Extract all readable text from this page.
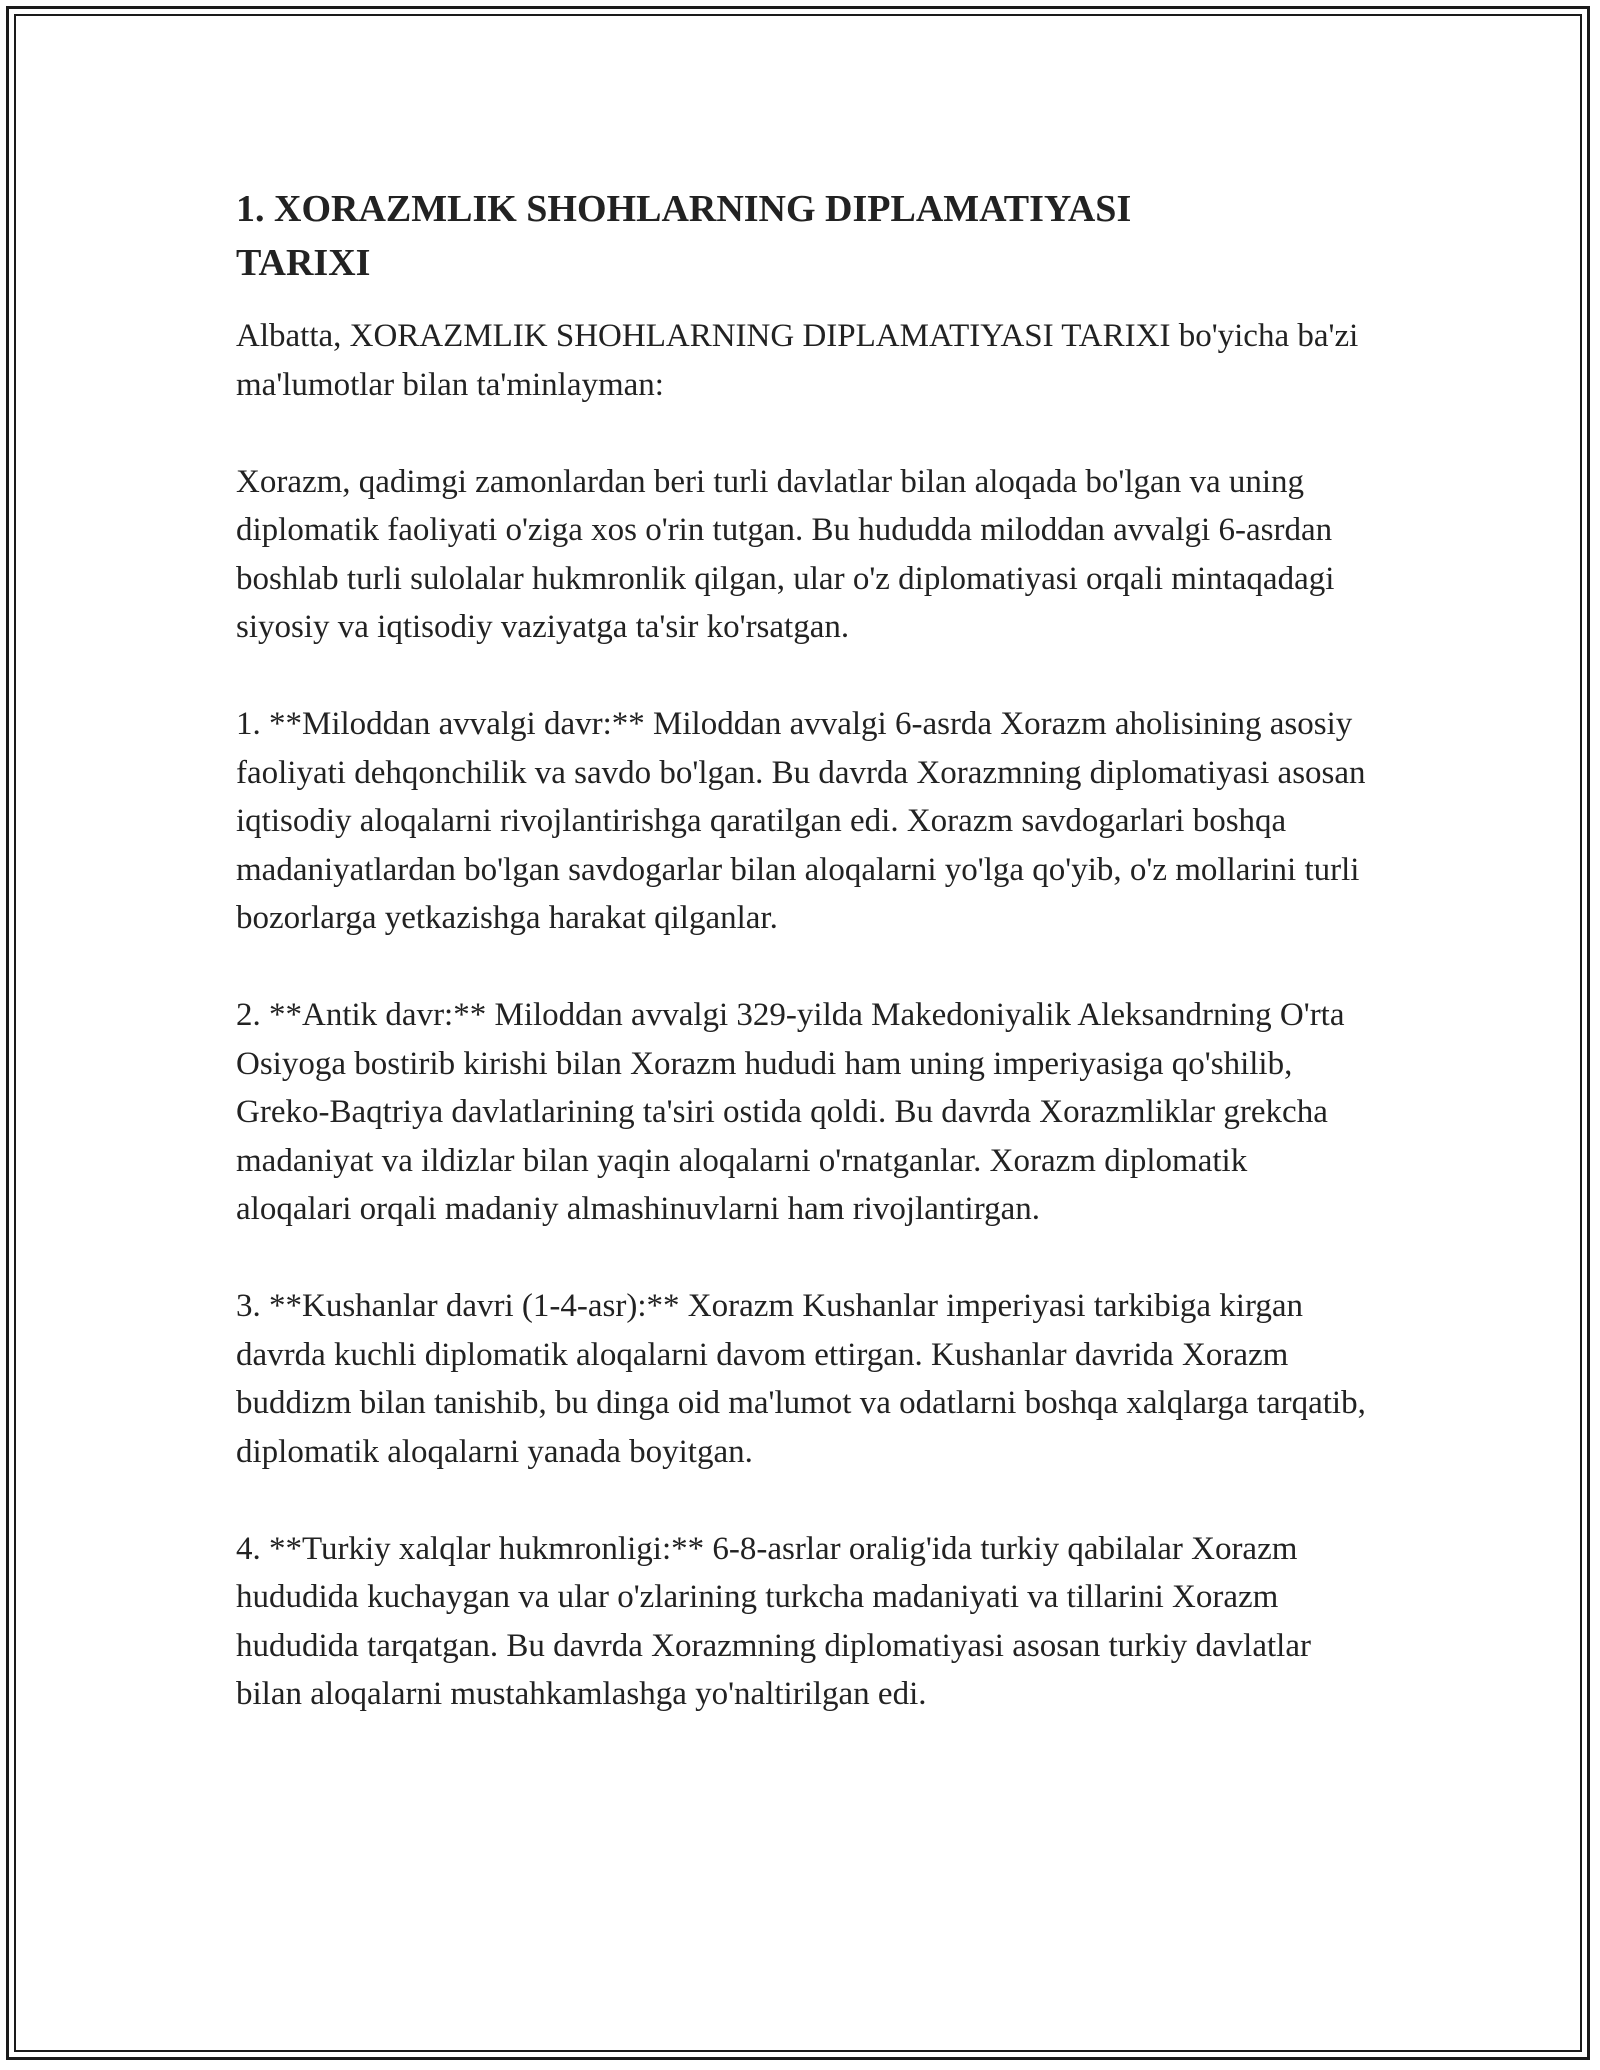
1. XORAZMLIK SHOHLARNING DIPLAMATIYASI
TARIXI

Albatta, XORAZMLIK SHOHLARNING DIPLAMATIYASI TARIXI bo'yicha ba'zi ma'lumotlar bilan ta'minlayman:

Xorazm, qadimgi zamonlardan beri turli davlatlar bilan aloqada bo'lgan va uning diplomatik faoliyati o'ziga xos o'rin tutgan. Bu hududda miloddan avvalgi 6-asrdan boshlab turli sulolalar hukmronlik qilgan, ular o'z diplomatiyasi orqali mintaqadagi siyosiy va iqtisodiy vaziyatga ta'sir ko'rsatgan.

1. **Miloddan avvalgi davr:** Miloddan avvalgi 6-asrda Xorazm aholisining asosiy faoliyati dehqonchilik va savdo bo'lgan. Bu davrda Xorazmning diplomatiyasi asosan iqtisodiy aloqalarni rivojlantirishga qaratilgan edi. Xorazm savdogarlari boshqa madaniyatlardan bo'lgan savdogarlar bilan aloqalarni yo'lga qo'yib, o'z mollarini turli bozorlarga yetkazishga harakat qilganlar.

2. **Antik davr:** Miloddan avvalgi 329-yilda Makedoniyalik Aleksandrning O'rta Osiyoga bostirib kirishi bilan Xorazm hududi ham uning imperiyasiga qo'shilib, Greko-Baqtriya davlatlarining ta'siri ostida qoldi. Bu davrda Xorazmliklar grekcha madaniyat va ildizlar bilan yaqin aloqalarni o'rnatganlar. Xorazm diplomatik aloqalari orqali madaniy almashinuvlarni ham rivojlantirgan.

3. **Kushanlar davri (1-4-asr):** Xorazm Kushanlar imperiyasi tarkibiga kirgan davrda kuchli diplomatik aloqalarni davom ettirgan. Kushanlar davrida Xorazm buddizm bilan tanishib, bu dinga oid ma'lumot va odatlarni boshqa xalqlarga tarqatib, diplomatik aloqalarni yanada boyitgan.

4. **Turkiy xalqlar hukmronligi:** 6-8-asrlar oralig'ida turkiy qabilalar Xorazm hududida kuchaygan va ular o'zlarining turkcha madaniyati va tillarini Xorazm hududida tarqatgan. Bu davrda Xorazmning diplomatiyasi asosan turkiy davlatlar bilan aloqalarni mustahkamlashga yo'naltirilgan edi.
